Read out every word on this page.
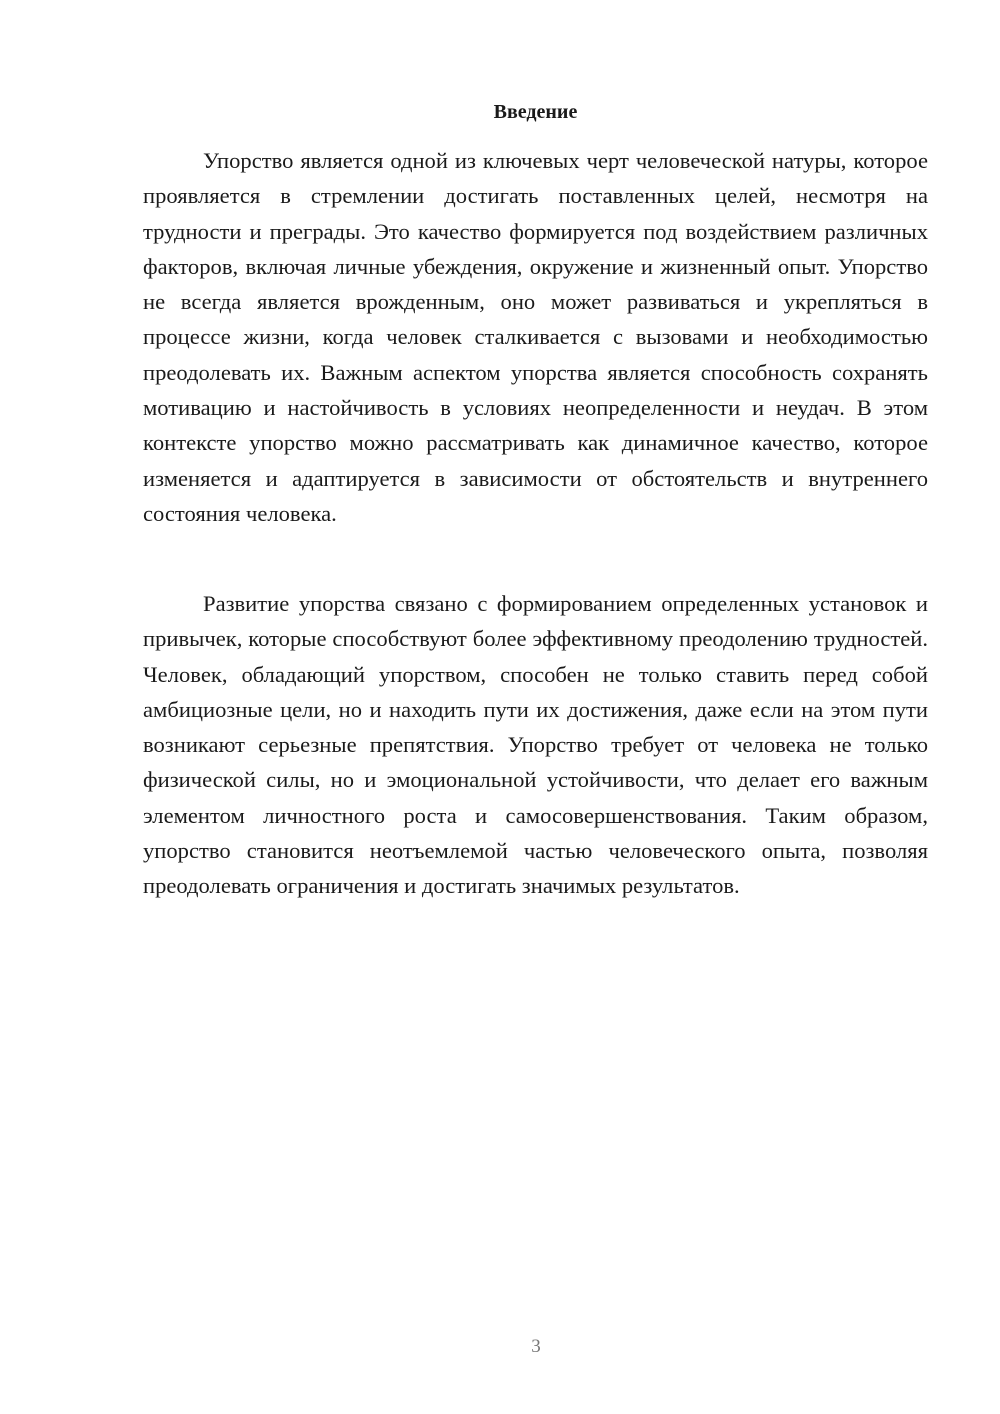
Введение

Упорство является одной из ключевых черт человеческой натуры, которое проявляется в стремлении достигать поставленных целей, несмотря на трудности и преграды. Это качество формируется под воздействием различных факторов, включая личные убеждения, окружение и жизненный опыт. Упорство не всегда является врожденным, оно может развиваться и укрепляться в процессе жизни, когда человек сталкивается с вызовами и необходимостью преодолевать их. Важным аспектом упорства является способность сохранять мотивацию и настойчивость в условиях неопределенности и неудач. В этом контексте упорство можно рассматривать как динамичное качество, которое изменяется и адаптируется в зависимости от обстоятельств и внутреннего состояния человека.

Развитие упорства связано с формированием определенных установок и привычек, которые способствуют более эффективному преодолению трудностей. Человек, обладающий упорством, способен не только ставить перед собой амбициозные цели, но и находить пути их достижения, даже если на этом пути возникают серьезные препятствия. Упорство требует от человека не только физической силы, но и эмоциональной устойчивости, что делает его важным элементом личностного роста и самосовершенствования. Таким образом, упорство становится неотъемлемой частью человеческого опыта, позволяя преодолевать ограничения и достигать значимых результатов.

3
